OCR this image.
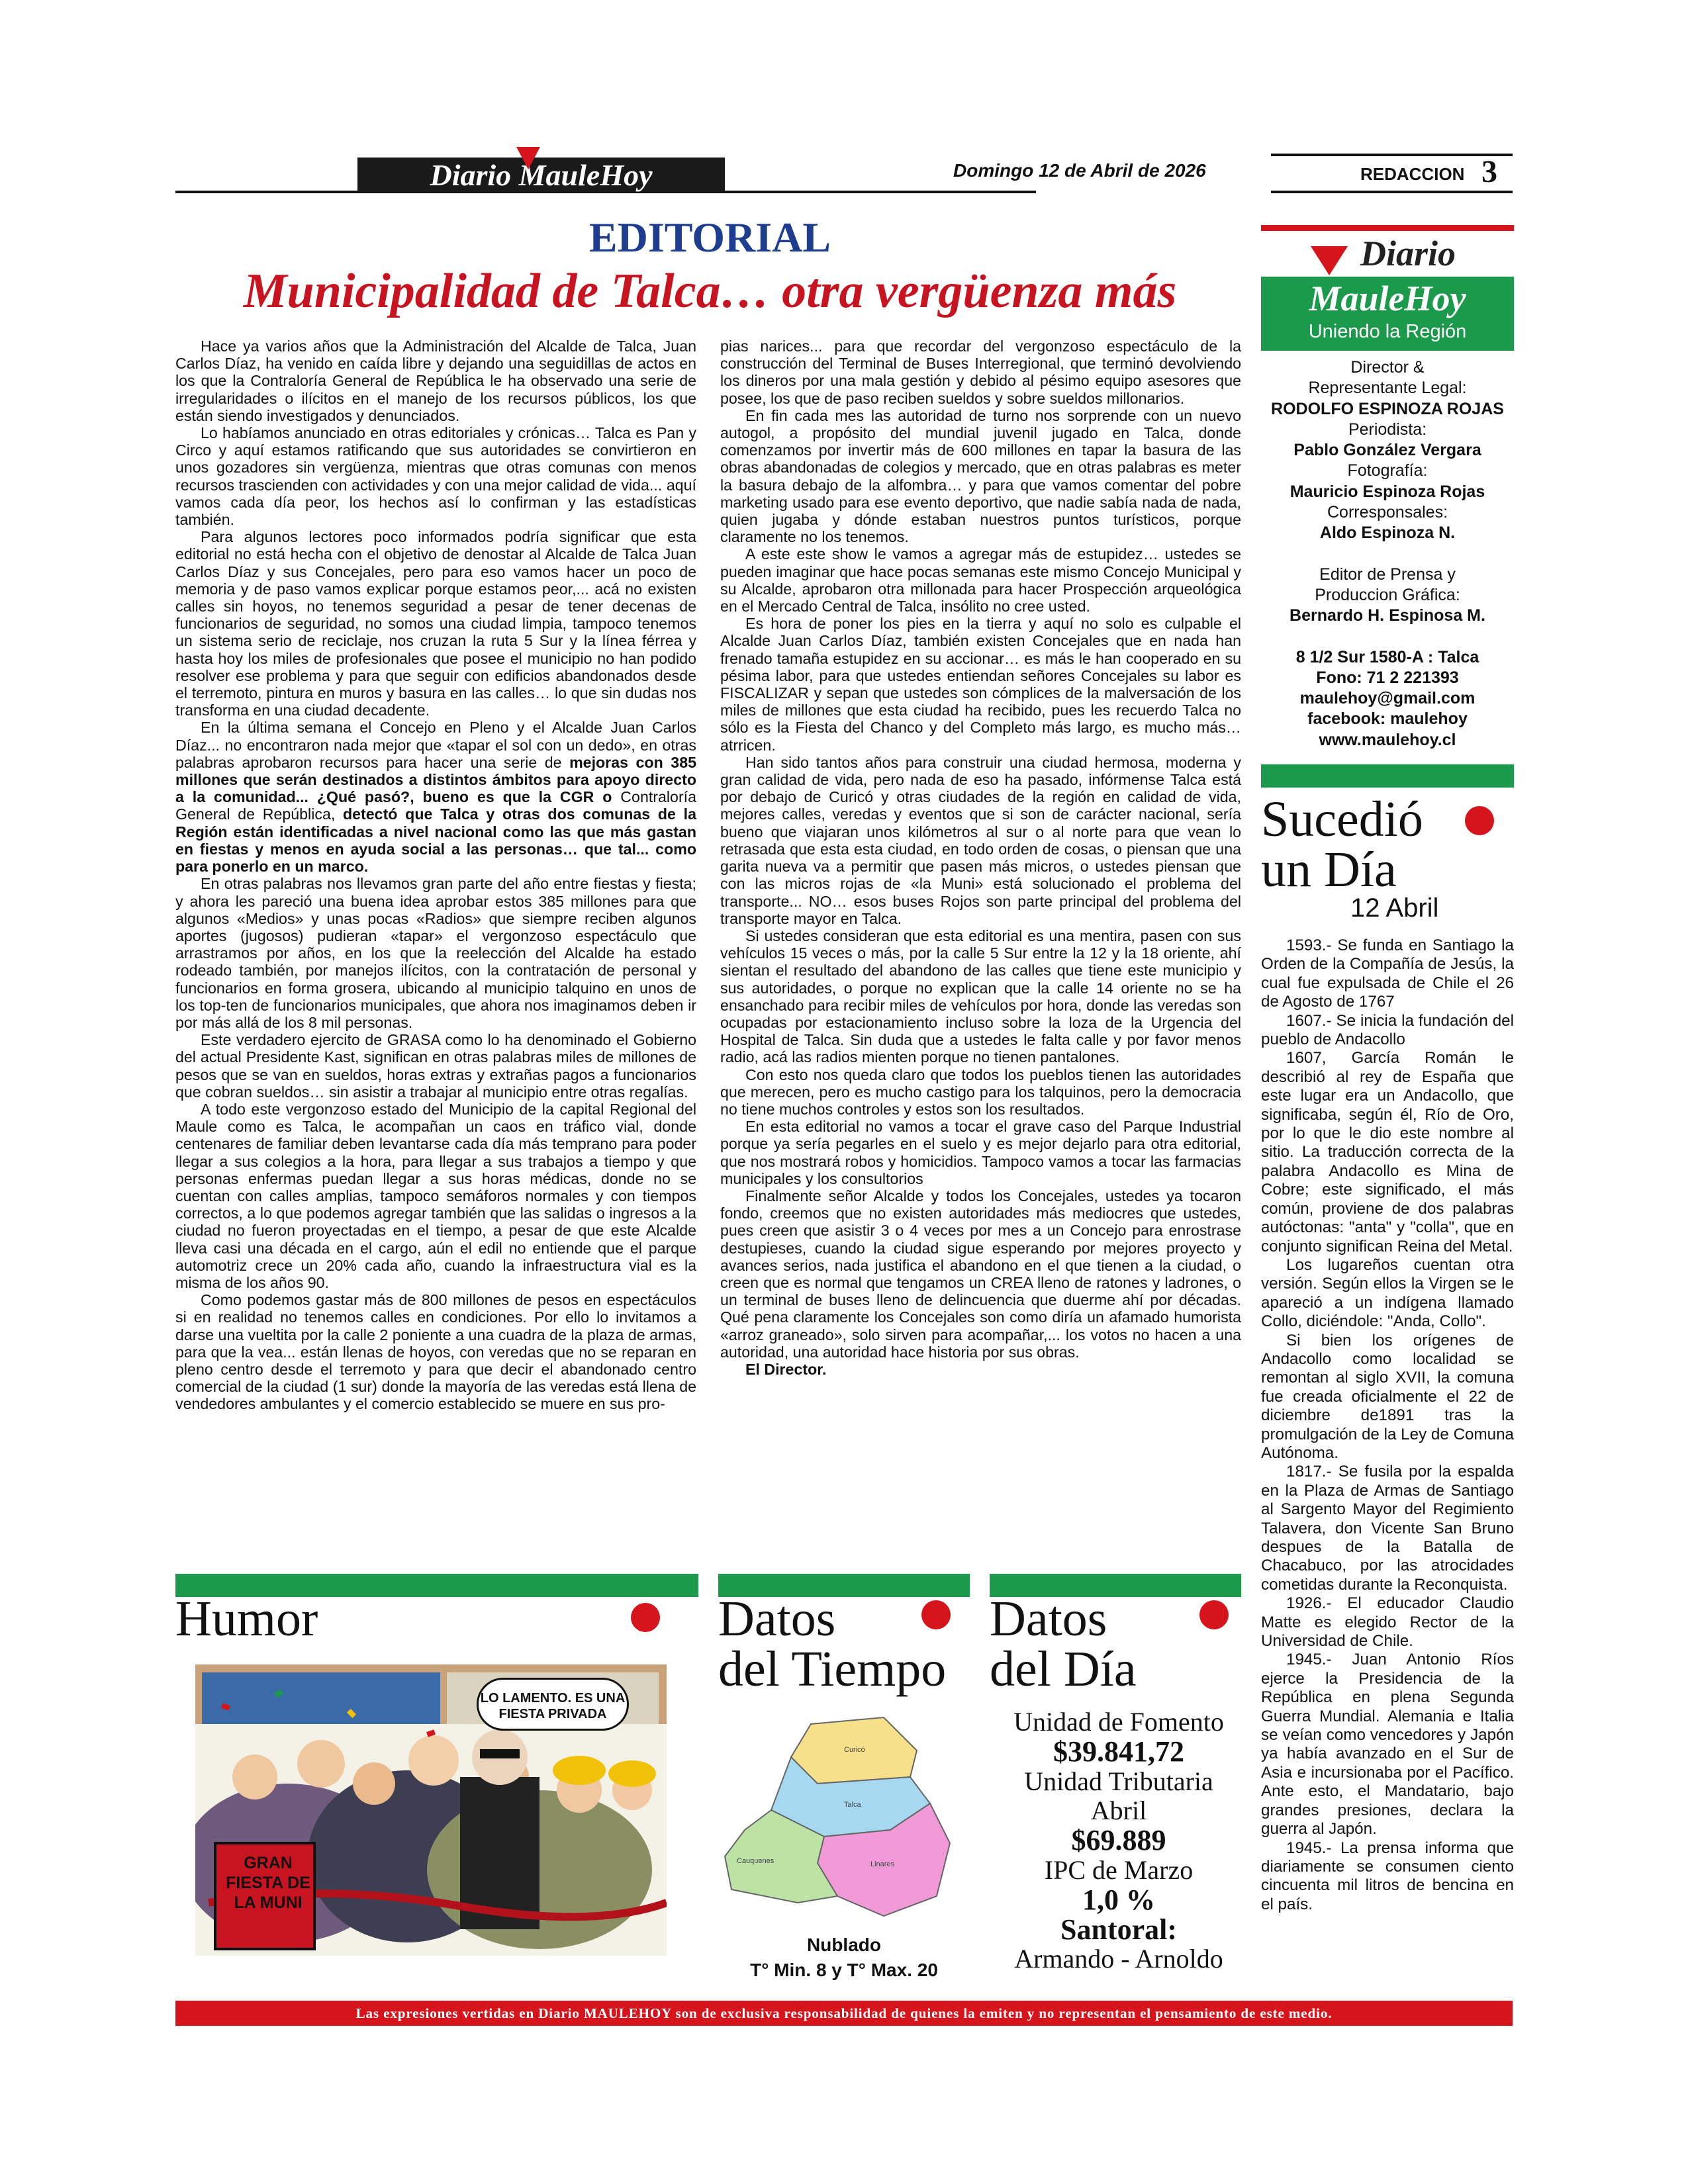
Diario MauleHoy	Domingo 12 de Abril de 2026	REDACCION 3
EDITORIAL
Municipalidad de Talca… otra vergüenza más

Hace ya varios años que la Administración del Alcalde de Talca, Juan Carlos Díaz, ha venido en caída libre y dejando una seguidillas de actos en los que la Contraloría General de República le ha observado una serie de irregularidades o ilícitos en el manejo de los recursos públicos, los que están siendo investigados y denunciados.

Lo habíamos anunciado en otras editoriales y crónicas… Talca es Pan y Circo y aquí estamos ratificando que sus autoridades se convirtieron en unos gozadores sin vergüenza, mientras que otras comunas con menos recursos trascienden con actividades y con una mejor calidad de vida... aquí vamos cada día peor, los hechos así lo confirman y las estadísticas también.

Para algunos lectores poco informados podría significar que esta editorial no está hecha con el objetivo de denostar al Alcalde de Talca Juan Carlos Díaz y sus Concejales, pero para eso vamos hacer un poco de memoria y de paso vamos explicar porque estamos peor,... acá no existen calles sin hoyos, no tenemos seguridad a pesar de tener decenas de funcionarios de seguridad, no somos una ciudad limpia, tampoco tenemos un sistema serio de reciclaje, nos cruzan la ruta 5 Sur y la línea férrea y hasta hoy los miles de profesionales que posee el municipio no han podido resolver ese problema y para que seguir con edificios abandonados desde el terremoto, pintura en muros y basura en las calles… lo que sin dudas nos transforma en una ciudad decadente.

En la última semana el Concejo en Pleno y el Alcalde Juan Carlos Díaz... no encontraron nada mejor que «tapar el sol con un dedo», en otras palabras aprobaron recursos para hacer una serie de mejoras con 385 millones que serán destinados a distintos ámbitos para apoyo directo a la comunidad... ¿Qué pasó?, bueno es que la CGR o Contraloría General de República, detectó que Talca y otras dos comunas de la Región están identificadas a nivel nacional como las que más gastan en fiestas y menos en ayuda social a las personas… que tal... como para ponerlo en un marco.

En otras palabras nos llevamos gran parte del año entre fiestas y fiesta; y ahora les pareció una buena idea aprobar estos 385 millones para que algunos «Medios» y unas pocas «Radios» que siempre reciben algunos aportes (jugosos) pudieran «tapar» el vergonzoso espectáculo que arrastramos por años, en los que la reelección del Alcalde ha estado rodeado también, por manejos ilícitos, con la contratación de personal y funcionarios en forma grosera, ubicando al municipio talquino en unos de los top-ten de funcionarios municipales, que ahora nos imaginamos deben ir por más allá de los 8 mil personas.

Este verdadero ejercito de GRASA como lo ha denominado el Gobierno del actual Presidente Kast, significan en otras palabras miles de millones de pesos que se van en sueldos, horas extras y extrañas pagos a funcionarios que cobran sueldos… sin asistir a trabajar al municipio entre otras regalías.

A todo este vergonzoso estado del Municipio de la capital Regional del Maule como es Talca, le acompañan un caos en tráfico vial, donde centenares de familiar deben levantarse cada día más temprano para poder llegar a sus colegios a la hora, para llegar a sus trabajos a tiempo y que personas enfermas puedan llegar a sus horas médicas, donde no se cuentan con calles amplias, tampoco semáforos normales y con tiempos correctos, a lo que podemos agregar también que las salidas o ingresos a la ciudad no fueron proyectadas en el tiempo, a pesar de que este Alcalde lleva casi una década en el cargo, aún el edil no entiende que el parque automotriz crece un 20% cada año, cuando la infraestructura vial es la misma de los años 90.

Como podemos gastar más de 800 millones de pesos en espectáculos si en realidad no tenemos calles en condiciones. Por ello lo invitamos a darse una vueltita por la calle 2 poniente a una cuadra de la plaza de armas, para que la vea... están llenas de hoyos, con veredas que no se reparan en pleno centro desde el terremoto y para que decir el abandonado centro comercial de la ciudad (1 sur) donde la mayoría de las veredas está llena de vendedores ambulantes y el comercio establecido se muere en sus pro-

pias narices... para que recordar del vergonzoso espectáculo de la construcción del Terminal de Buses Interregional, que terminó devolviendo los dineros por una mala gestión y debido al pésimo equipo asesores que posee, los que de paso reciben sueldos y sobre sueldos millonarios.

En fin cada mes las autoridad de turno nos sorprende con un nuevo autogol, a propósito del mundial juvenil jugado en Talca, donde comenzamos por invertir más de 600 millones en tapar la basura de las obras abandonadas de colegios y mercado, que en otras palabras es meter la basura debajo de la alfombra… y para que vamos comentar del pobre marketing usado para ese evento deportivo, que nadie sabía nada de nada, quien jugaba y dónde estaban nuestros puntos turísticos, porque claramente no los tenemos.

A este este show le vamos a agregar más de estupidez… ustedes se pueden imaginar que hace pocas semanas este mismo Concejo Municipal y su Alcalde, aprobaron otra millonada para hacer Prospección arqueológica en el Mercado Central de Talca, insólito no cree usted.

Es hora de poner los pies en la tierra y aquí no solo es culpable el Alcalde Juan Carlos Díaz, también existen Concejales que en nada han frenado tamaña estupidez en su accionar… es más le han cooperado en su pésima labor, para que ustedes entiendan señores Concejales su labor es FISCALIZAR y sepan que ustedes son cómplices de la malversación de los miles de millones que esta ciudad ha recibido, pues les recuerdo Talca no sólo es la Fiesta del Chanco y del Completo más largo, es mucho más… atrricen.

Han sido tantos años para construir una ciudad hermosa, moderna y gran calidad de vida, pero nada de eso ha pasado, infórmense Talca está por debajo de Curicó y otras ciudades de la región en calidad de vida, mejores calles, veredas y eventos que si son de carácter nacional, sería bueno que viajaran unos kilómetros al sur o al norte para que vean lo retrasada que esta esta ciudad, en todo orden de cosas, o piensan que una garita nueva va a permitir que pasen más micros, o ustedes piensan que con las micros rojas de «la Muni» está solucionado el problema del transporte... NO… esos buses Rojos son parte principal del problema del transporte mayor en Talca.

Si ustedes consideran que esta editorial es una mentira, pasen con sus vehículos 15 veces o más, por la calle 5 Sur entre la 12 y la 18 oriente, ahí sientan el resultado del abandono de las calles que tiene este municipio y sus autoridades, o porque no explican que la calle 14 oriente no se ha ensanchado para recibir miles de vehículos por hora, donde las veredas son ocupadas por estacionamiento incluso sobre la loza de la Urgencia del Hospital de Talca. Sin duda que a ustedes le falta calle y por favor menos radio, acá las radios mienten porque no tienen pantalones.

Con esto nos queda claro que todos los pueblos tienen las autoridades que merecen, pero es mucho castigo para los talquinos, pero la democracia no tiene muchos controles y estos son los resultados.

En esta editorial no vamos a tocar el grave caso del Parque Industrial porque ya sería pegarles en el suelo y es mejor dejarlo para otra editorial, que nos mostrará robos y homicidios. Tampoco vamos a tocar las farmacias municipales y los consultorios

Finalmente señor Alcalde y todos los Concejales, ustedes ya tocaron fondo, creemos que no existen autoridades más mediocres que ustedes, pues creen que asistir 3 o 4 veces por mes a un Concejo para enrostrase destupieses, cuando la ciudad sigue esperando por mejores proyecto y avances serios, nada justifica el abandono en el que tienen a la ciudad, o creen que es normal que tengamos un CREA lleno de ratones y ladrones, o un terminal de buses lleno de delincuencia que duerme ahí por décadas. Qué pena claramente los Concejales son como diría un afamado humorista «arroz graneado», solo sirven para acompañar,... los votos no hacen a una autoridad, una autoridad hace historia por sus obras.

El Director.

Diario
MauleHoy
Uniendo la Región
Director &
Representante Legal:
RODOLFO ESPINOZA ROJAS
Periodista:
Pablo González Vergara
Fotografía:
Mauricio Espinoza Rojas
Corresponsales:
Aldo Espinoza N.
Editor de Prensa y
Produccion Gráfica:
Bernardo H. Espinosa M.
8 1/2 Sur 1580-A : Talca
Fono: 71 2 221393
maulehoy@gmail.com
facebook: maulehoy
www.maulehoy.cl
Sucedió
un Día
12 Abril

1593.- Se funda en Santiago la Orden de la Compañía de Jesús, la cual fue expulsada de Chile el 26 de Agosto de 1767

1607.- Se inicia la fundación del pueblo de Andacollo

1607, García Román le describió al rey de España que este lugar era un Andacollo, que significaba, según él, Río de Oro, por lo que le dio este nombre al sitio. La traducción correcta de la palabra Andacollo es Mina de Cobre; este significado, el más común, proviene de dos palabras autóctonas: "anta" y "colla", que en conjunto significan Reina del Metal.

Los lugareños cuentan otra versión. Según ellos la Virgen se le apareció a un indígena llamado Collo, diciéndole: "Anda, Collo".

Si bien los orígenes de Andacollo como localidad se remontan al siglo XVII, la comuna fue creada oficialmente el 22 de diciembre de1891 tras la promulgación de la Ley de Comuna Autónoma.

1817.- Se fusila por la espalda en la Plaza de Armas de Santiago al Sargento Mayor del Regimiento Talavera, don Vicente San Bruno despues de la Batalla de Chacabuco, por las atrocidades cometidas durante la Reconquista.

1926.- El educador Claudio Matte es elegido Rector de la Universidad de Chile.

1945.- Juan Antonio Ríos ejerce la Presidencia de la República en plena Segunda Guerra Mundial. Alemania e Italia se veían como vencedores y Japón ya había avanzado en el Sur de Asia e incursionaba por el Pacífico. Ante esto, el Mandatario, bajo grandes presiones, declara la guerra al Japón.

1945.- La prensa informa que diariamente se consumen ciento cincuenta mil litros de bencina en el país.

Humor
LO LAMENTO. ES UNA FIESTA PRIVADA
GRAN FIESTA DE LA MUNI
Datos
del Tiempo
Curicó
Talca
Linares
Cauquenes
Nublado
T° Min. 8 y T° Max. 20
Datos
del Día
Unidad de Fomento
$39.841,72
Unidad Tributaria
Abril
$69.889
IPC de Marzo
1,0 %
Santoral:
Armando - Arnoldo
Las expresiones vertidas en Diario MAULEHOY son de exclusiva responsabilidad de quienes la emiten y no representan el pensamiento de este medio.
